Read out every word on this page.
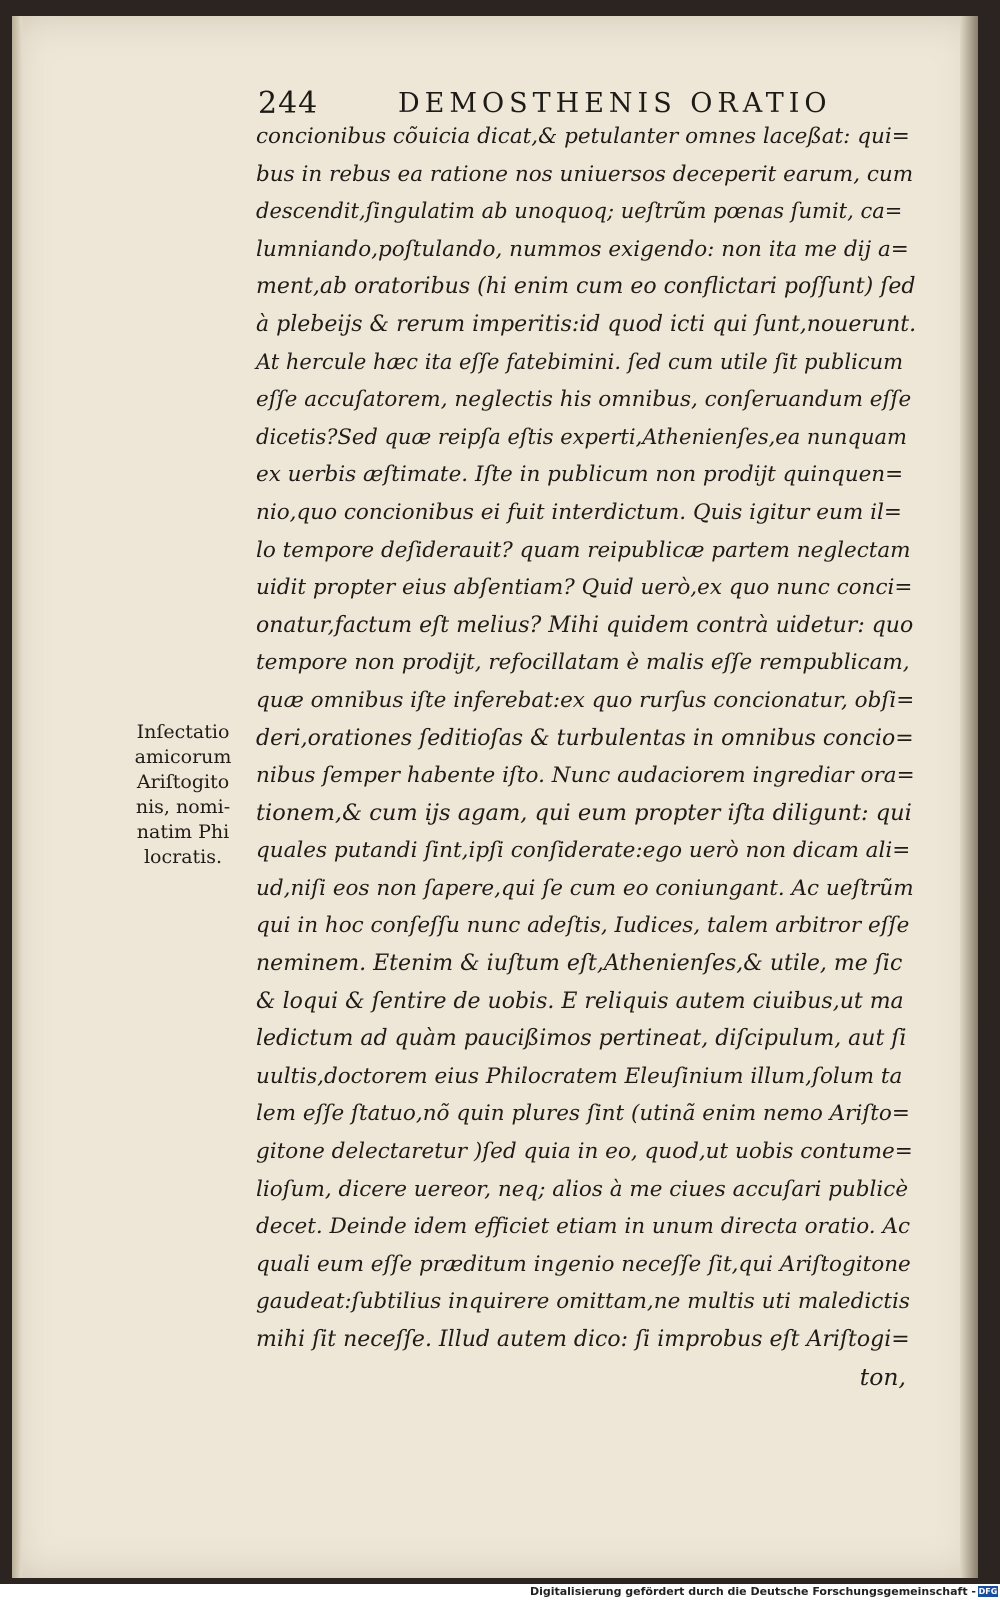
244	DEMOSTHENIS ORATIO
concionibus cõuicia dicat,& petulanter omnes laceßat: qui=
bus in rebus ea ratione nos uniuersos deceperit earum, cum
descendit,ſingulatim ab unoquoq; ueſtrũm pœnas ſumit, ca=
lumniando,poſtulando, nummos exigendo: non ita me dij a=
ment,ab oratoribus (hi enim cum eo conflictari poſſunt) ſed
à plebeijs & rerum imperitis:id quod icti qui ſunt,nouerunt.
At hercule hæc ita eſſe fatebimini. ſed cum utile ſit publicum
eſſe accuſatorem, neglectis his omnibus, conſeruandum eſſe
dicetis?Sed quæ reipſa eſtis experti,Athenienſes,ea nunquam
ex uerbis æſtimate. Iſte in publicum non prodijt quinquen=
nio,quo concionibus ei fuit interdictum. Quis igitur eum il=
lo tempore deſiderauit? quam reipublicæ partem neglectam
uidit propter eius abſentiam? Quid uerò,ex quo nunc conci=
onatur,factum eſt melius? Mihi quidem contrà uidetur: quo
tempore non prodijt, refocillatam è malis eſſe rempublicam,
quæ omnibus iſte inferebat:ex quo rurſus concionatur, obſi=
deri,orationes ſeditioſas & turbulentas in omnibus concio=
nibus ſemper habente iſto. Nunc audaciorem ingrediar ora=
tionem,& cum ijs agam, qui eum propter iſta diligunt: qui
quales putandi ſint,ipſi conſiderate:ego uerò non dicam ali=
ud,niſi eos non ſapere,qui ſe cum eo coniungant. Ac ueſtrũm
qui in hoc conſeſſu nunc adeſtis, Iudices, talem arbitror eſſe
neminem. Etenim & iuſtum eſt,Athenienſes,& utile, me ſic
& loqui & ſentire de uobis. E reliquis autem ciuibus,ut ma
ledictum ad quàm paucißimos pertineat, diſcipulum, aut ſi
uultis,doctorem eius Philocratem Eleuſinium illum,ſolum ta
lem eſſe ſtatuo,nõ quin plures ſint (utinã enim nemo Ariſto=
gitone delectaretur )ſed quia in eo, quod,ut uobis contume=
lioſum, dicere uereor, neq; alios à me ciues accuſari publicè
decet. Deinde idem efficiet etiam in unum directa oratio. Ac
quali eum eſſe præditum ingenio neceſſe ſit,qui Ariſtogitone
gaudeat:ſubtilius inquirere omittam,ne multis uti maledictis
mihi ſit neceſſe. Illud autem dico: ſi improbus eſt Ariſtogi=
ton,
Inſectatio
amicorum
Ariſtogito
nis, nomi-
natim Phi
locratis.
Digitalisierung gefördert durch die Deutsche Forschungsgemeinschaft - DFG
